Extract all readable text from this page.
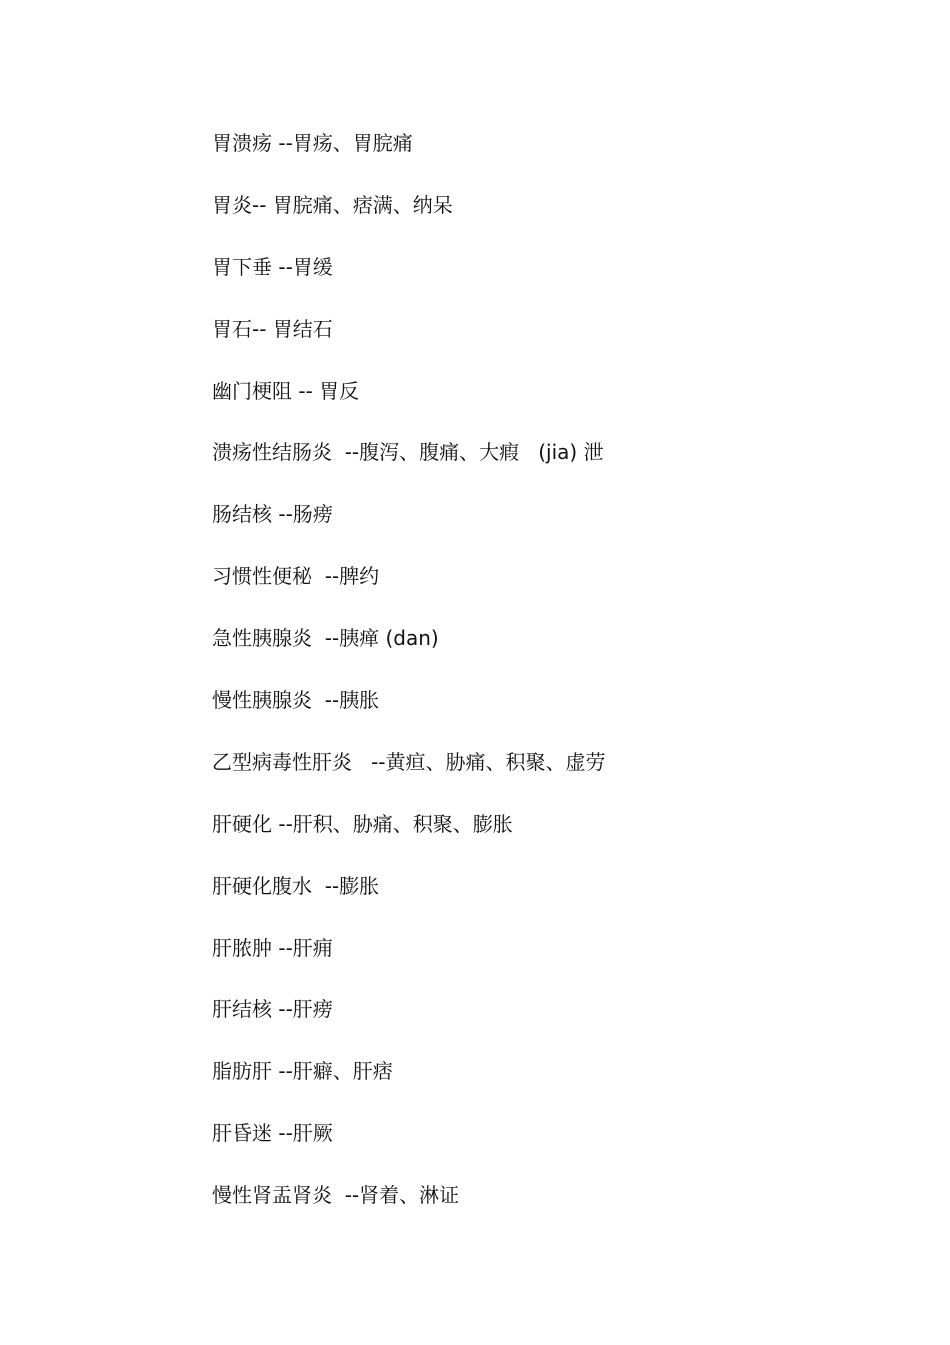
胃溃疡 --胃疡、胃脘痛
胃炎-- 胃脘痛、痞满、纳呆
胃下垂 --胃缓
胃石-- 胃结石
幽门梗阻 -- 胃反
溃疡性结肠炎  --腹泻、腹痛、大瘕   (jia) 泄
肠结核 --肠痨
习惯性便秘  --脾约
急性胰腺炎  --胰瘅 (dan)
慢性胰腺炎  --胰胀
乙型病毒性肝炎   --黄疸、胁痛、积聚、虚劳
肝硬化 --肝积、胁痛、积聚、膨胀
肝硬化腹水  --膨胀
肝脓肿 --肝痈
肝结核 --肝痨
脂肪肝 --肝癖、肝痞
肝昏迷 --肝厥
慢性肾盂肾炎  --肾着、淋证
